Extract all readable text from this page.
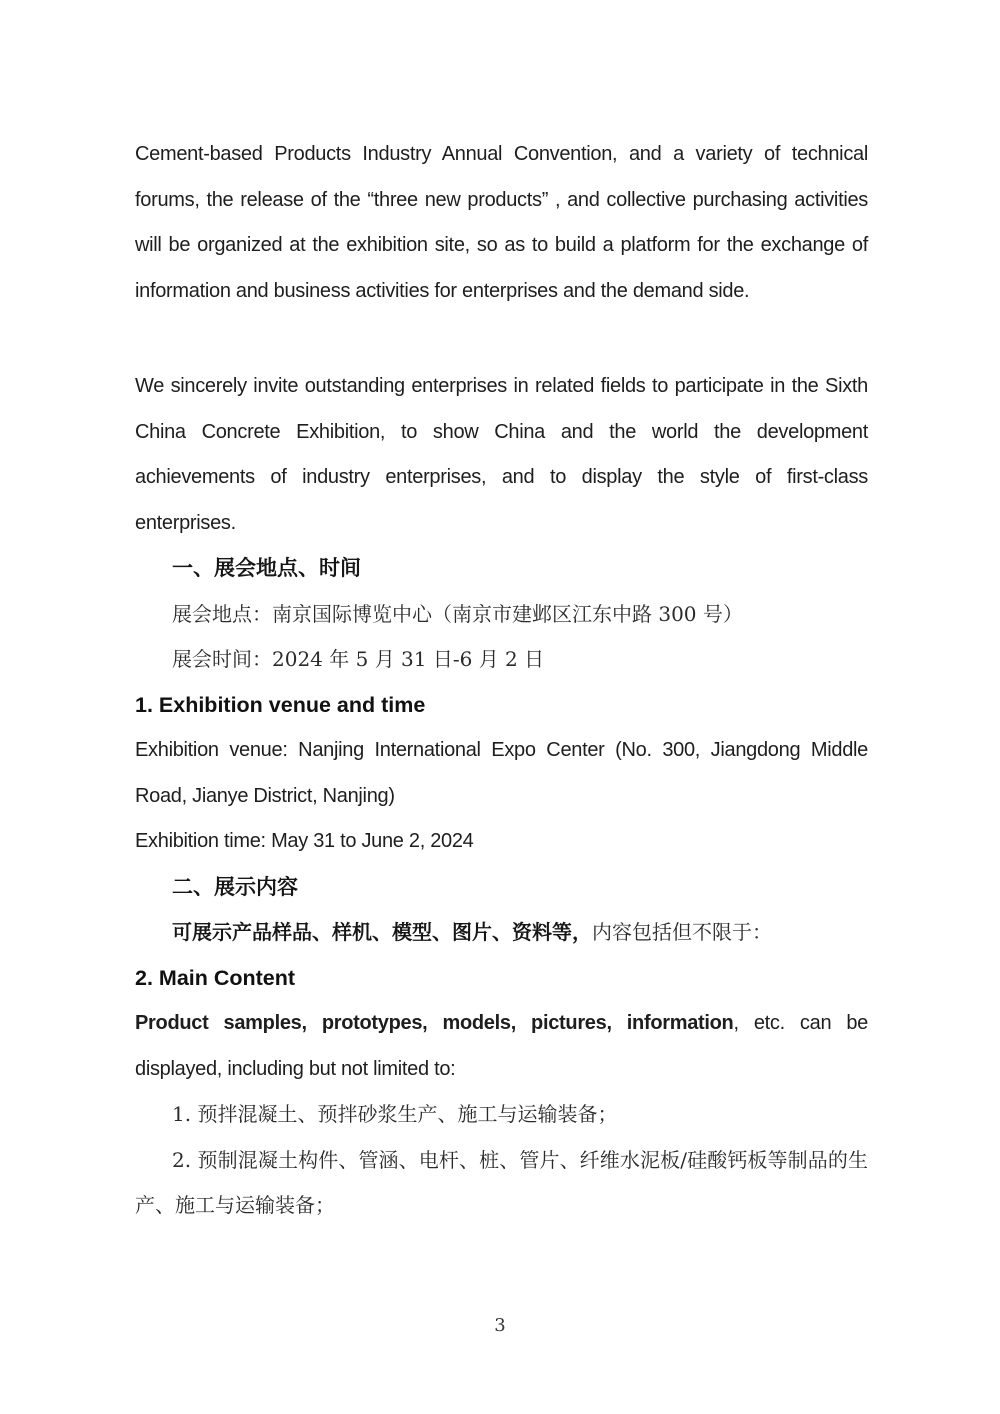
Cement-based Products Industry Annual Convention, and a variety of technical forums, the release of the “three new products” , and collective purchasing activities will be organized at the exhibition site, so as to build a platform for the exchange of information and business activities for enterprises and the demand side.

We sincerely invite outstanding enterprises in related fields to participate in the Sixth China Concrete Exhibition, to show China and the world the development achievements of industry enterprises, and to display the style of first-class enterprises.

一、展会地点、时间

展会地点：南京国际博览中心（南京市建邺区江东中路 300 号）

展会时间：2024 年 5 月 31 日-6 月 2 日

1. Exhibition venue and time

Exhibition venue: Nanjing International Expo Center (No. 300, Jiangdong Middle Road, Jianye District, Nanjing)

Exhibition time: May 31 to June 2, 2024

二、展示内容

可展示产品样品、样机、模型、图片、资料等，内容包括但不限于：

2. Main Content

Product samples, prototypes, models, pictures, information, etc. can be displayed, including but not limited to:

1. 预拌混凝土、预拌砂浆生产、施工与运输装备；

2. 预制混凝土构件、管涵、电杆、桩、管片、纤维水泥板/硅酸钙板等制品的生产、施工与运输装备；

3
